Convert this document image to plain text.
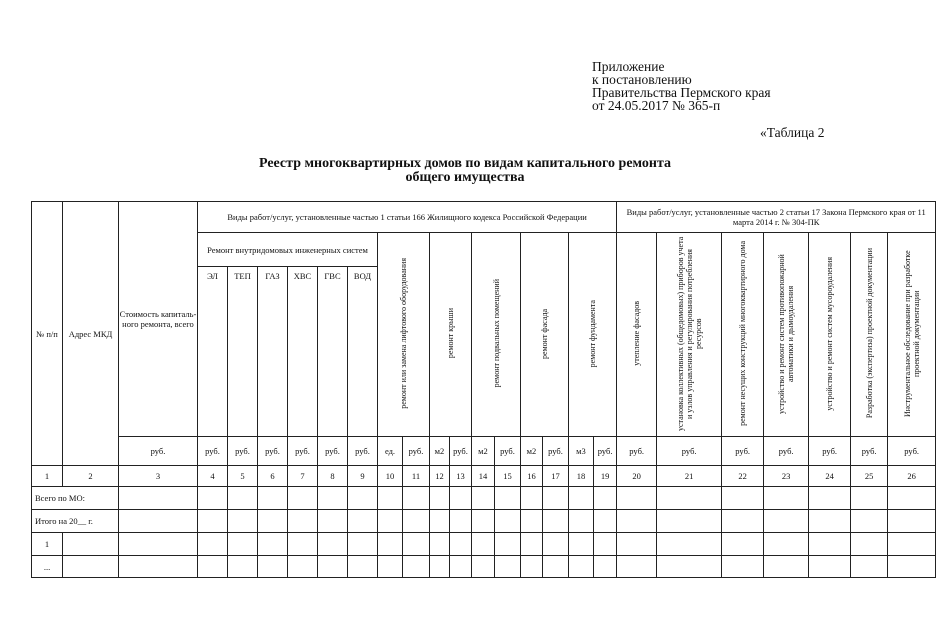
Приложение
к постановлению
Правительства Пермского края
от 24.05.2017 № 365-п
«Таблица 2
Реестр многоквартирных домов по видам капитального ремонта
общего имущества
№ п/п	Адрес МКД	Стоимость капиталь-ного ремонта, всего	Виды работ/услуг, установленные частью 1 статьи 166 Жилищного кодекса Российской Федерации																Виды работ/услуг, установленные частью 2 статьи 17 Закона Пермского края от 11 марта 2014 г. № 304-ПК						
			Ремонт внутридомовых инженерных систем						ремонт или замена лифтового оборудования		ремонт крыши		ремонт подвальных помещений		ремонт фасада		ремонт фундамента		утепление фасадов	установка коллективных (общедомовых) приборов учета и узлов управления и регулирования потребления ресурсов	ремонт несущих конструкций многоквартирного дома	устройство и ремонт систем противопожарной автоматики и дымоудаления	устройство и ремонт систем мусороудаления	Разработка (экспертиза) проектной документации	Инструментальное обследование при разработке проектной документации
			ЭЛ	ТЕП	ГАЗ	ХВС	ГВС	ВОД																	
		руб.	руб.	руб.	руб.	руб.	руб.	руб.	ед.	руб.	м2	руб.	м2	руб.	м2	руб.	м3	руб.	руб.	руб.	руб.	руб.	руб.	руб.	руб.
1	2	3	4	5	6	7	8	9	10	11	12	13	14	15	16	17	18	19	20	21	22	23	24	25	26
Всего по МО:																									
Итого на 20__ г.																									
1																									
...																									
